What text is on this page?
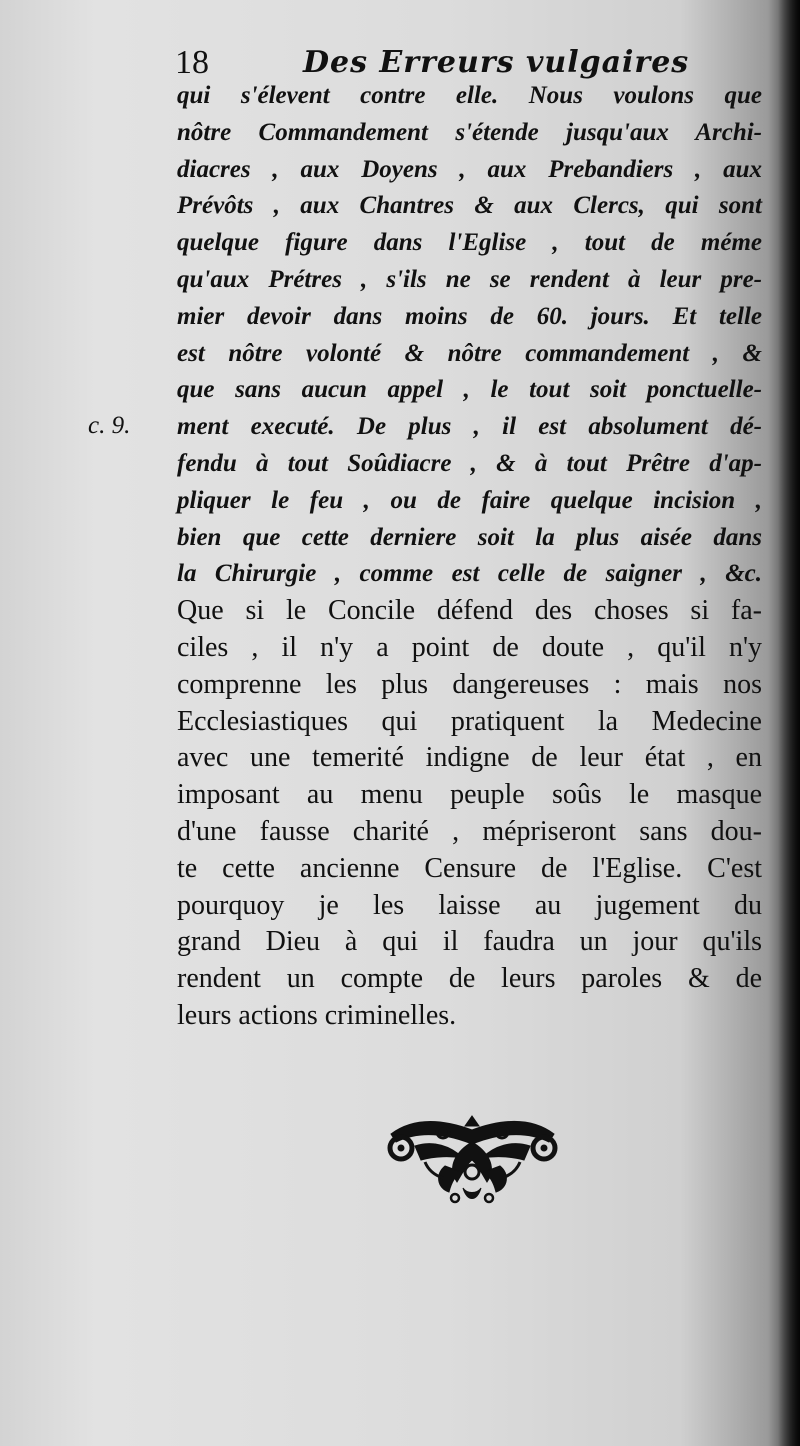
18	Des Erreurs vulgaires
c. 9.
qui s'élevent contre elle. Nous voulons que
nôtre Commandement s'étende jusqu'aux Archi-
diacres , aux Doyens , aux Prebandiers , aux
Prévôts , aux Chantres & aux Clercs, qui sont
quelque figure dans l'Eglise , tout de méme
qu'aux Prétres , s'ils ne se rendent à leur pre-
mier devoir dans moins de 60. jours. Et telle
est nôtre volonté & nôtre commandement , &
que sans aucun appel , le tout soit ponctuelle-
ment executé. De plus , il est absolument dé-
fendu à tout Soûdiacre , & à tout Prêtre d'ap-
pliquer le feu , ou de faire quelque incision ,
bien que cette derniere soit la plus aisée dans
la Chirurgie , comme est celle de saigner , &c.
Que si le Concile défend des choses si fa-
ciles , il n'y a point de doute , qu'il n'y
comprenne les plus dangereuses : mais nos
Ecclesiastiques qui pratiquent la Medecine
avec une temerité indigne de leur état , en
imposant au menu peuple soûs le masque
d'une fausse charité , mépriseront sans dou-
te cette ancienne Censure de l'Eglise. C'est
pourquoy je les laisse au jugement du
grand Dieu à qui il faudra un jour qu'ils
rendent un compte de leurs paroles & de
leurs actions criminelles.
